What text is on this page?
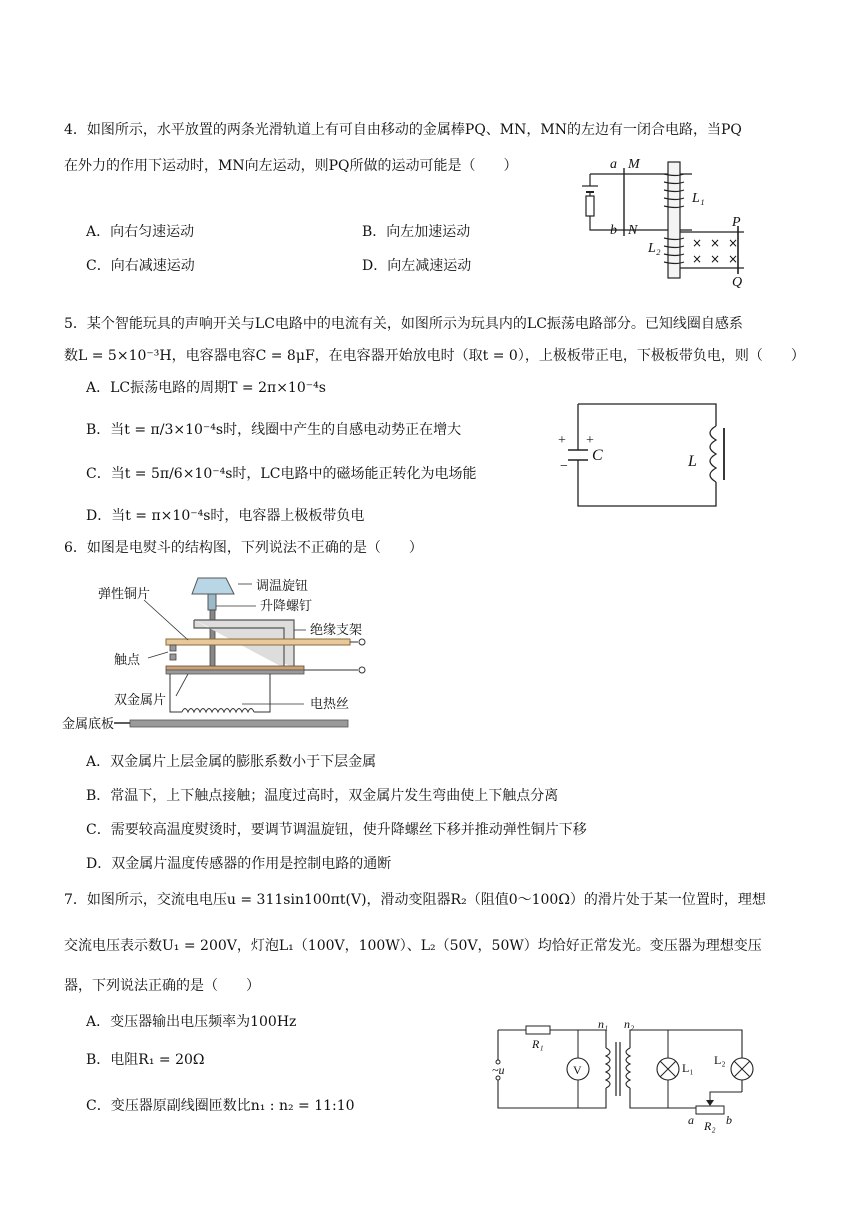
4．如图所示，水平放置的两条光滑轨道上有可自由移动的金属棒PQ、MN，MN的左边有一闭合电路，当PQ
在外力的作用下运动时，MN向左运动，则PQ所做的运动可能是（　　）
A．向右匀速运动	B．向左加速运动
C．向右减速运动	D．向左减速运动
× × ×
× × ×
a M
b N
L₁
L₂
P
Q
5．某个智能玩具的声响开关与LC电路中的电流有关，如图所示为玩具内的LC振荡电路部分。已知线圈自感系
数L = 5×10⁻³H，电容器电容C = 8μF，在电容器开始放电时（取t = 0），上极板带正电，下极板带负电，则（　　）
A．LC振荡电路的周期T = 2π×10⁻⁴s
B．当t = π/3×10⁻⁴s时，线圈中产生的自感电动势正在增大
C．当t = 5π/6×10⁻⁴s时，LC电路中的磁场能正转化为电场能
D．当t = π×10⁻⁴s时，电容器上极板带负电
+ +
−
C	L
6．如图是电熨斗的结构图，下列说法不正确的是（　　）
调温旋钮
升降螺钉
绝缘支架
弹性铜片
触点
双金属片	电热丝
金属底板
A．双金属片上层金属的膨胀系数小于下层金属
B．常温下，上下触点接触；温度过高时，双金属片发生弯曲使上下触点分离
C．需要较高温度熨烫时，要调节调温旋钮，使升降螺丝下移并推动弹性铜片下移
D．双金属片温度传感器的作用是控制电路的通断
7．如图所示，交流电电压u = 311sin100πt(V)，滑动变阻器R₂（阻值0～100Ω）的滑片处于某一位置时，理想
交流电压表示数U₁ = 200V，灯泡L₁（100V，100W）、L₂（50V，50W）均恰好正常发光。变压器为理想变压
器，下列说法正确的是（　　）
A．变压器输出电压频率为100Hz
B．电阻R₁ = 20Ω
C．变压器原副线圈匝数比n₁ : n₂ = 11:10
n₁ n₂
R₁
~u	V	L₁
L₂
a R₂ b
